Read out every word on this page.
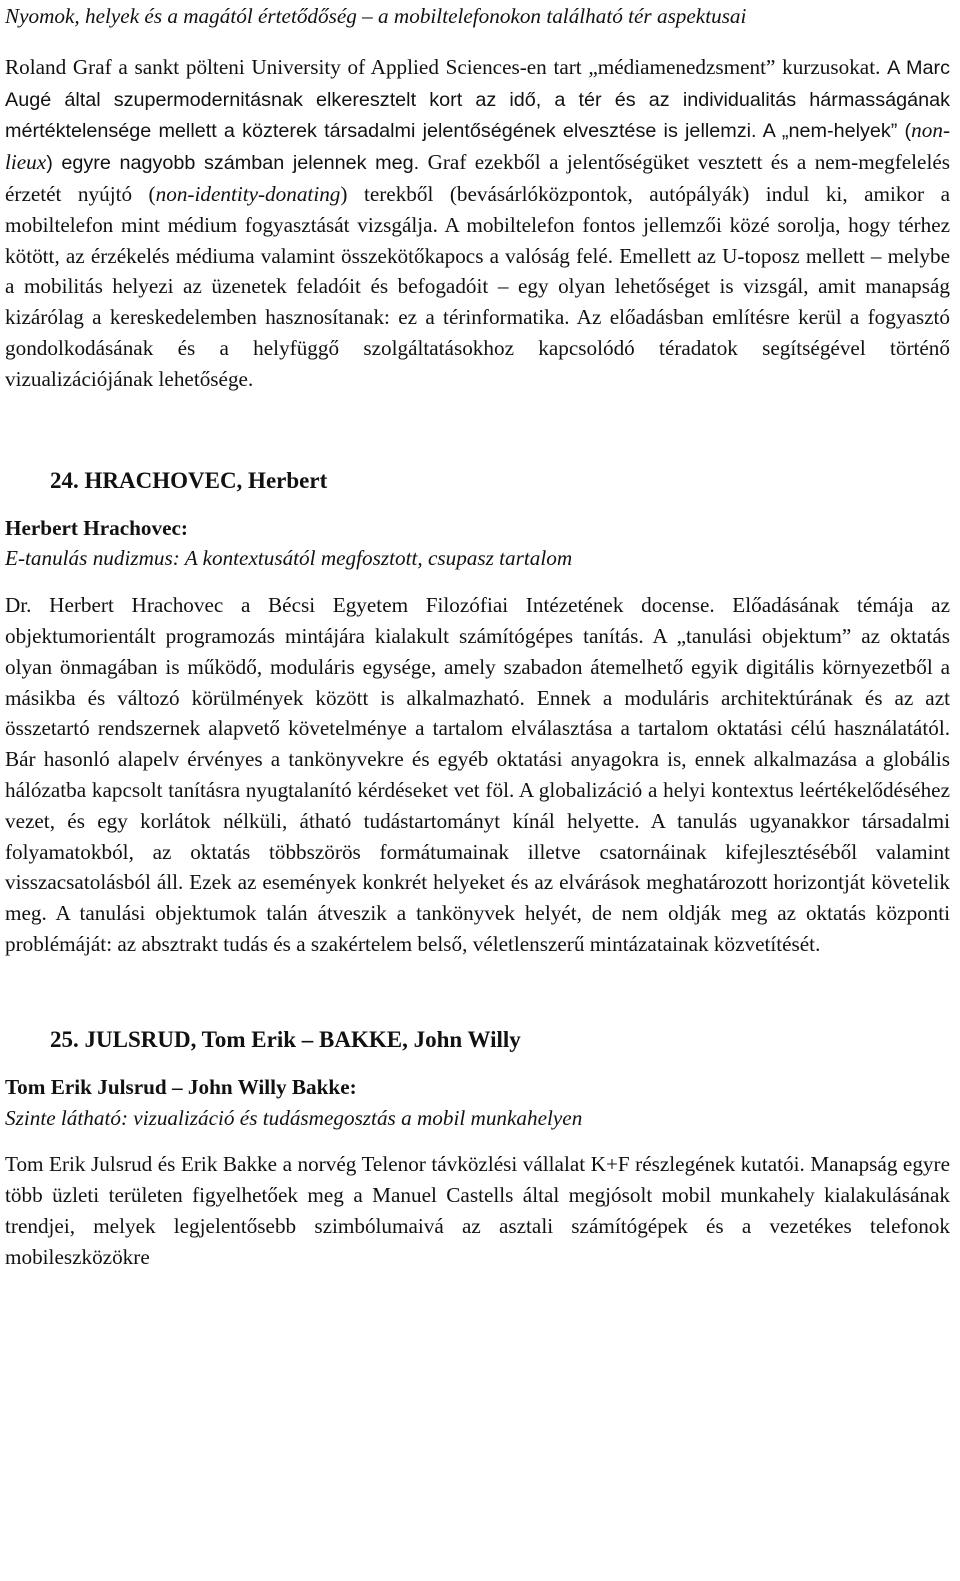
Nyomok, helyek és a magától értetődőség – a mobiltelefonokon található tér aspektusai

Roland Graf a sankt pölteni University of Applied Sciences-en tart „médiamenedzsment” kurzusokat. A Marc Augé által szupermodernitásnak elkeresztelt kort az idő, a tér és az individualitás hármasságának mértéktelensége mellett a közterek társadalmi jelentőségének elvesztése is jellemzi. A „nem-helyek” (non-lieux) egyre nagyobb számban jelennek meg. Graf ezekből a jelentőségüket vesztett és a nem-megfelelés érzetét nyújtó (non-identity-donating) terekből (bevásárlóközpontok, autópályák) indul ki, amikor a mobiltelefon mint médium fogyasztását vizsgálja. A mobiltelefon fontos jellemzői közé sorolja, hogy térhez kötött, az érzékelés médiuma valamint összekötőkapocs a valóság felé. Emellett az U-toposz mellett – melybe a mobilitás helyezi az üzenetek feladóit és befogadóit – egy olyan lehetőséget is vizsgál, amit manapság kizárólag a kereskedelemben hasznosítanak: ez a térinformatika. Az előadásban említésre kerül a fogyasztó gondolkodásának és a helyfüggő szolgáltatásokhoz kapcsolódó téradatok segítségével történő vizualizációjának lehetősége.

24. HRACHOVEC, Herbert

Herbert Hrachovec:

E-tanulás nudizmus: A kontextusától megfosztott, csupasz tartalom

Dr. Herbert Hrachovec a Bécsi Egyetem Filozófiai Intézetének docense. Előadásának témája az objektumorientált programozás mintájára kialakult számítógépes tanítás. A „tanulási objektum” az oktatás olyan önmagában is működő, moduláris egysége, amely szabadon átemelhető egyik digitális környezetből a másikba és változó körülmények között is alkalmazható. Ennek a moduláris architektúrának és az azt összetartó rendszernek alapvető követelménye a tartalom elválasztása a tartalom oktatási célú használatától. Bár hasonló alapelv érvényes a tankönyvekre és egyéb oktatási anyagokra is, ennek alkalmazása a globális hálózatba kapcsolt tanításra nyugtalanító kérdéseket vet föl. A globalizáció a helyi kontextus leértékelődéséhez vezet, és egy korlátok nélküli, átható tudástartományt kínál helyette. A tanulás ugyanakkor társadalmi folyamatokból, az oktatás többszörös formátumainak illetve csatornáinak kifejlesztéséből valamint visszacsatolásból áll. Ezek az események konkrét helyeket és az elvárások meghatározott horizontját követelik meg. A tanulási objektumok talán átveszik a tankönyvek helyét, de nem oldják meg az oktatás központi problémáját: az absztrakt tudás és a szakértelem belső, véletlenszerű mintázatainak közvetítését.

25. JULSRUD, Tom Erik – BAKKE, John Willy

Tom Erik Julsrud – John Willy Bakke:

Szinte látható: vizualizáció és tudásmegosztás a mobil munkahelyen

Tom Erik Julsrud és Erik Bakke a norvég Telenor távközlési vállalat K+F részlegének kutatói. Manapság egyre több üzleti területen figyelhetőek meg a Manuel Castells által megjósolt mobil munkahely kialakulásának trendjei, melyek legjelentősebb szimbólumaivá az asztali számítógépek és a vezetékes telefonok mobileszközökre
